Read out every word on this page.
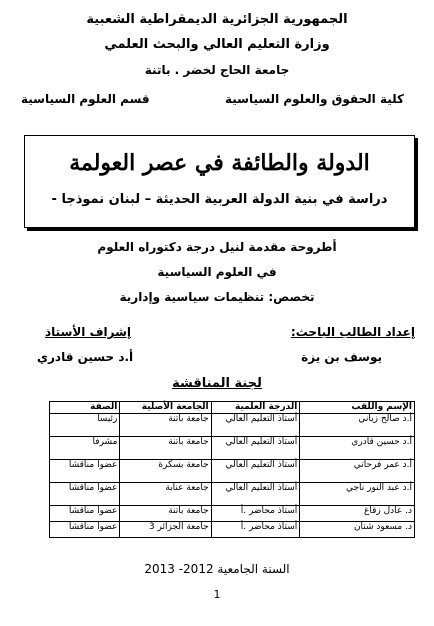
الجمهورية الجزائرية الديمقراطية الشعبية
وزارة التعليم العالي والبحث العلمي
جامعة الحاج لخضر . باتنة
كلية الحقوق والعلوم السياسية
قسم العلوم السياسية
الدولة والطائفة في عصر العولمة
دراسة في بنية الدولة العربية الحديثة – لبنان نموذجا -
أطروحة مقدمة لنيل درجة دكتوراه العلوم
في العلوم السياسية
تخصص: تنظيمات سياسية وإدارية
إعداد الطالب الباحث:
إشراف الأستاذ
يوسف بن يزة
أ.د حسين قادري
لجنة المناقشة
الإسم واللقب	الدرجة العلمية	الجامعة الأصلية	الصفة
أ.د صالح زياني	أستاذ التعليم العالي	جامعة باتنة	رئيسا
أ.د حسين قادري	أستاذ التعليم العالي	جامعة باتنة	مشرفا
أ.د عمر فرحاتي	أستاذ التعليم العالي	جامعة بسكرة	عضوا مناقشا
أ.د عبد النور ناجي	أستاذ التعليم العالي	جامعة عنابة	عضوا مناقشا
د. عادل زقاغ	أستاذ محاضر .أ	جامعة باتنة	عضوا مناقشا
د. مسعود شنان	أستاذ محاضر .أ	جامعة الجزائر 3	عضوا مناقشا
السنة الجامعية 2012- 2013
1
